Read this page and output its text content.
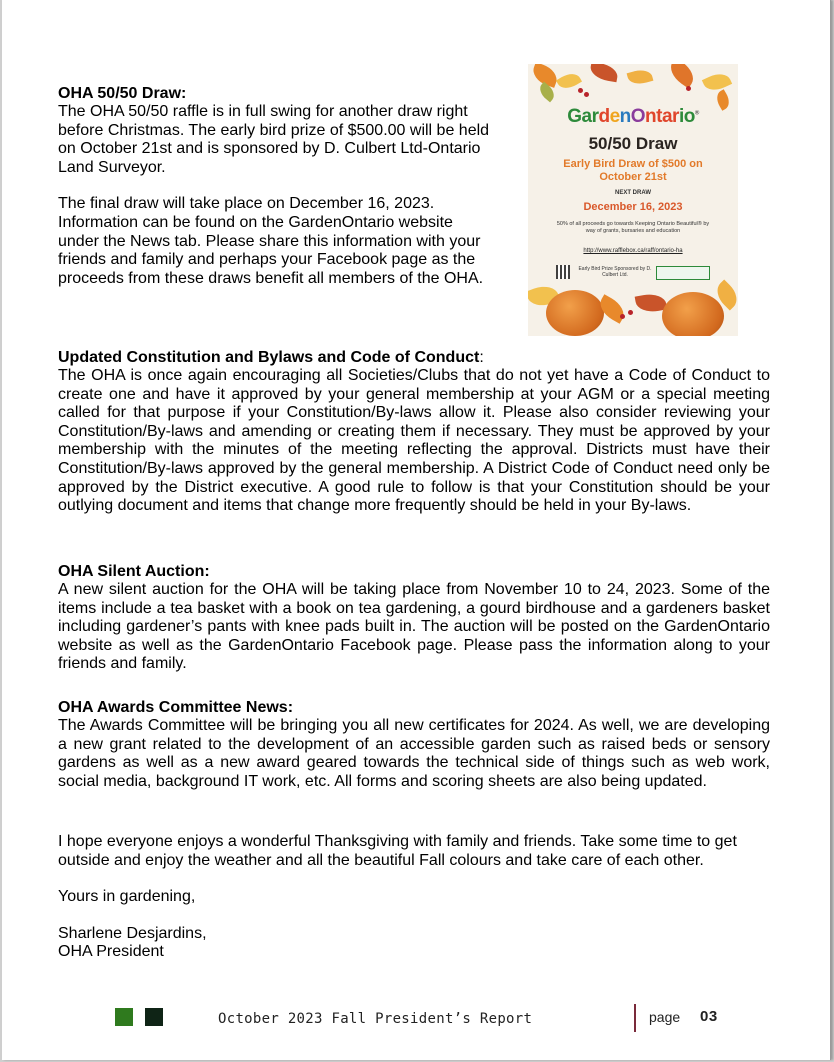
OHA 50/50 Draw:
The OHA 50/50 raffle is in full swing for another draw right
before Christmas. The early bird prize of $500.00 will be held
on October 21st and is sponsored by D. Culbert Ltd-Ontario
Land Surveyor.
The final draw will take place on December 16, 2023.
Information can be found on the GardenOntario website
under the News tab. Please share this information with your
friends and family and perhaps your Facebook page as the
proceeds from these draws benefit all members of the OHA.
GardenOntario®
50/50 Draw
Early Bird Draw of $500 on October 21st
NEXT DRAW
December 16, 2023
50% of all proceeds go towards Keeping Ontario Beautiful® by way of grants, bursaries and education
http://www.rafflebox.ca/raff/ontario-ha
Early Bird Prize Sponsored by D. Culbert Ltd.
Updated Constitution and Bylaws and Code of Conduct:

The OHA is once again encouraging all Societies/Clubs that do not yet have a Code of Conduct to create one and have it approved by your general membership at your AGM or a special meeting called for that purpose if your Constitution/By-laws allow it. Please also consider reviewing your Constitution/By-laws and amending or creating them if necessary. They must be approved by your membership with the minutes of the meeting reflecting the approval. Districts must have their Constitution/By-laws approved by the general membership. A District Code of Conduct need only be approved by the District executive. A good rule to follow is that your Constitution should be your outlying document and items that change more frequently should be held in your By-laws.

OHA Silent Auction:

A new silent auction for the OHA will be taking place from November 10 to 24, 2023. Some of the items include a tea basket with a book on tea gardening, a gourd birdhouse and a gardeners basket including gardener’s pants with knee pads built in. The auction will be posted on the GardenOntario website as well as the GardenOntario Facebook page. Please pass the information along to your friends and family.

OHA Awards Committee News:

The Awards Committee will be bringing you all new certificates for 2024. As well, we are developing a new grant related to the development of an accessible garden such as raised beds or sensory gardens as well as a new award geared towards the technical side of things such as web work, social media, background IT work, etc. All forms and scoring sheets are also being updated.

I hope everyone enjoys a wonderful Thanksgiving with family and friends. Take some time to get outside and enjoy the weather and all the beautiful Fall colours and take care of each other.

Yours in gardening,
Sharlene Desjardins,
OHA President
October 2023 Fall President’s Report	page 03
